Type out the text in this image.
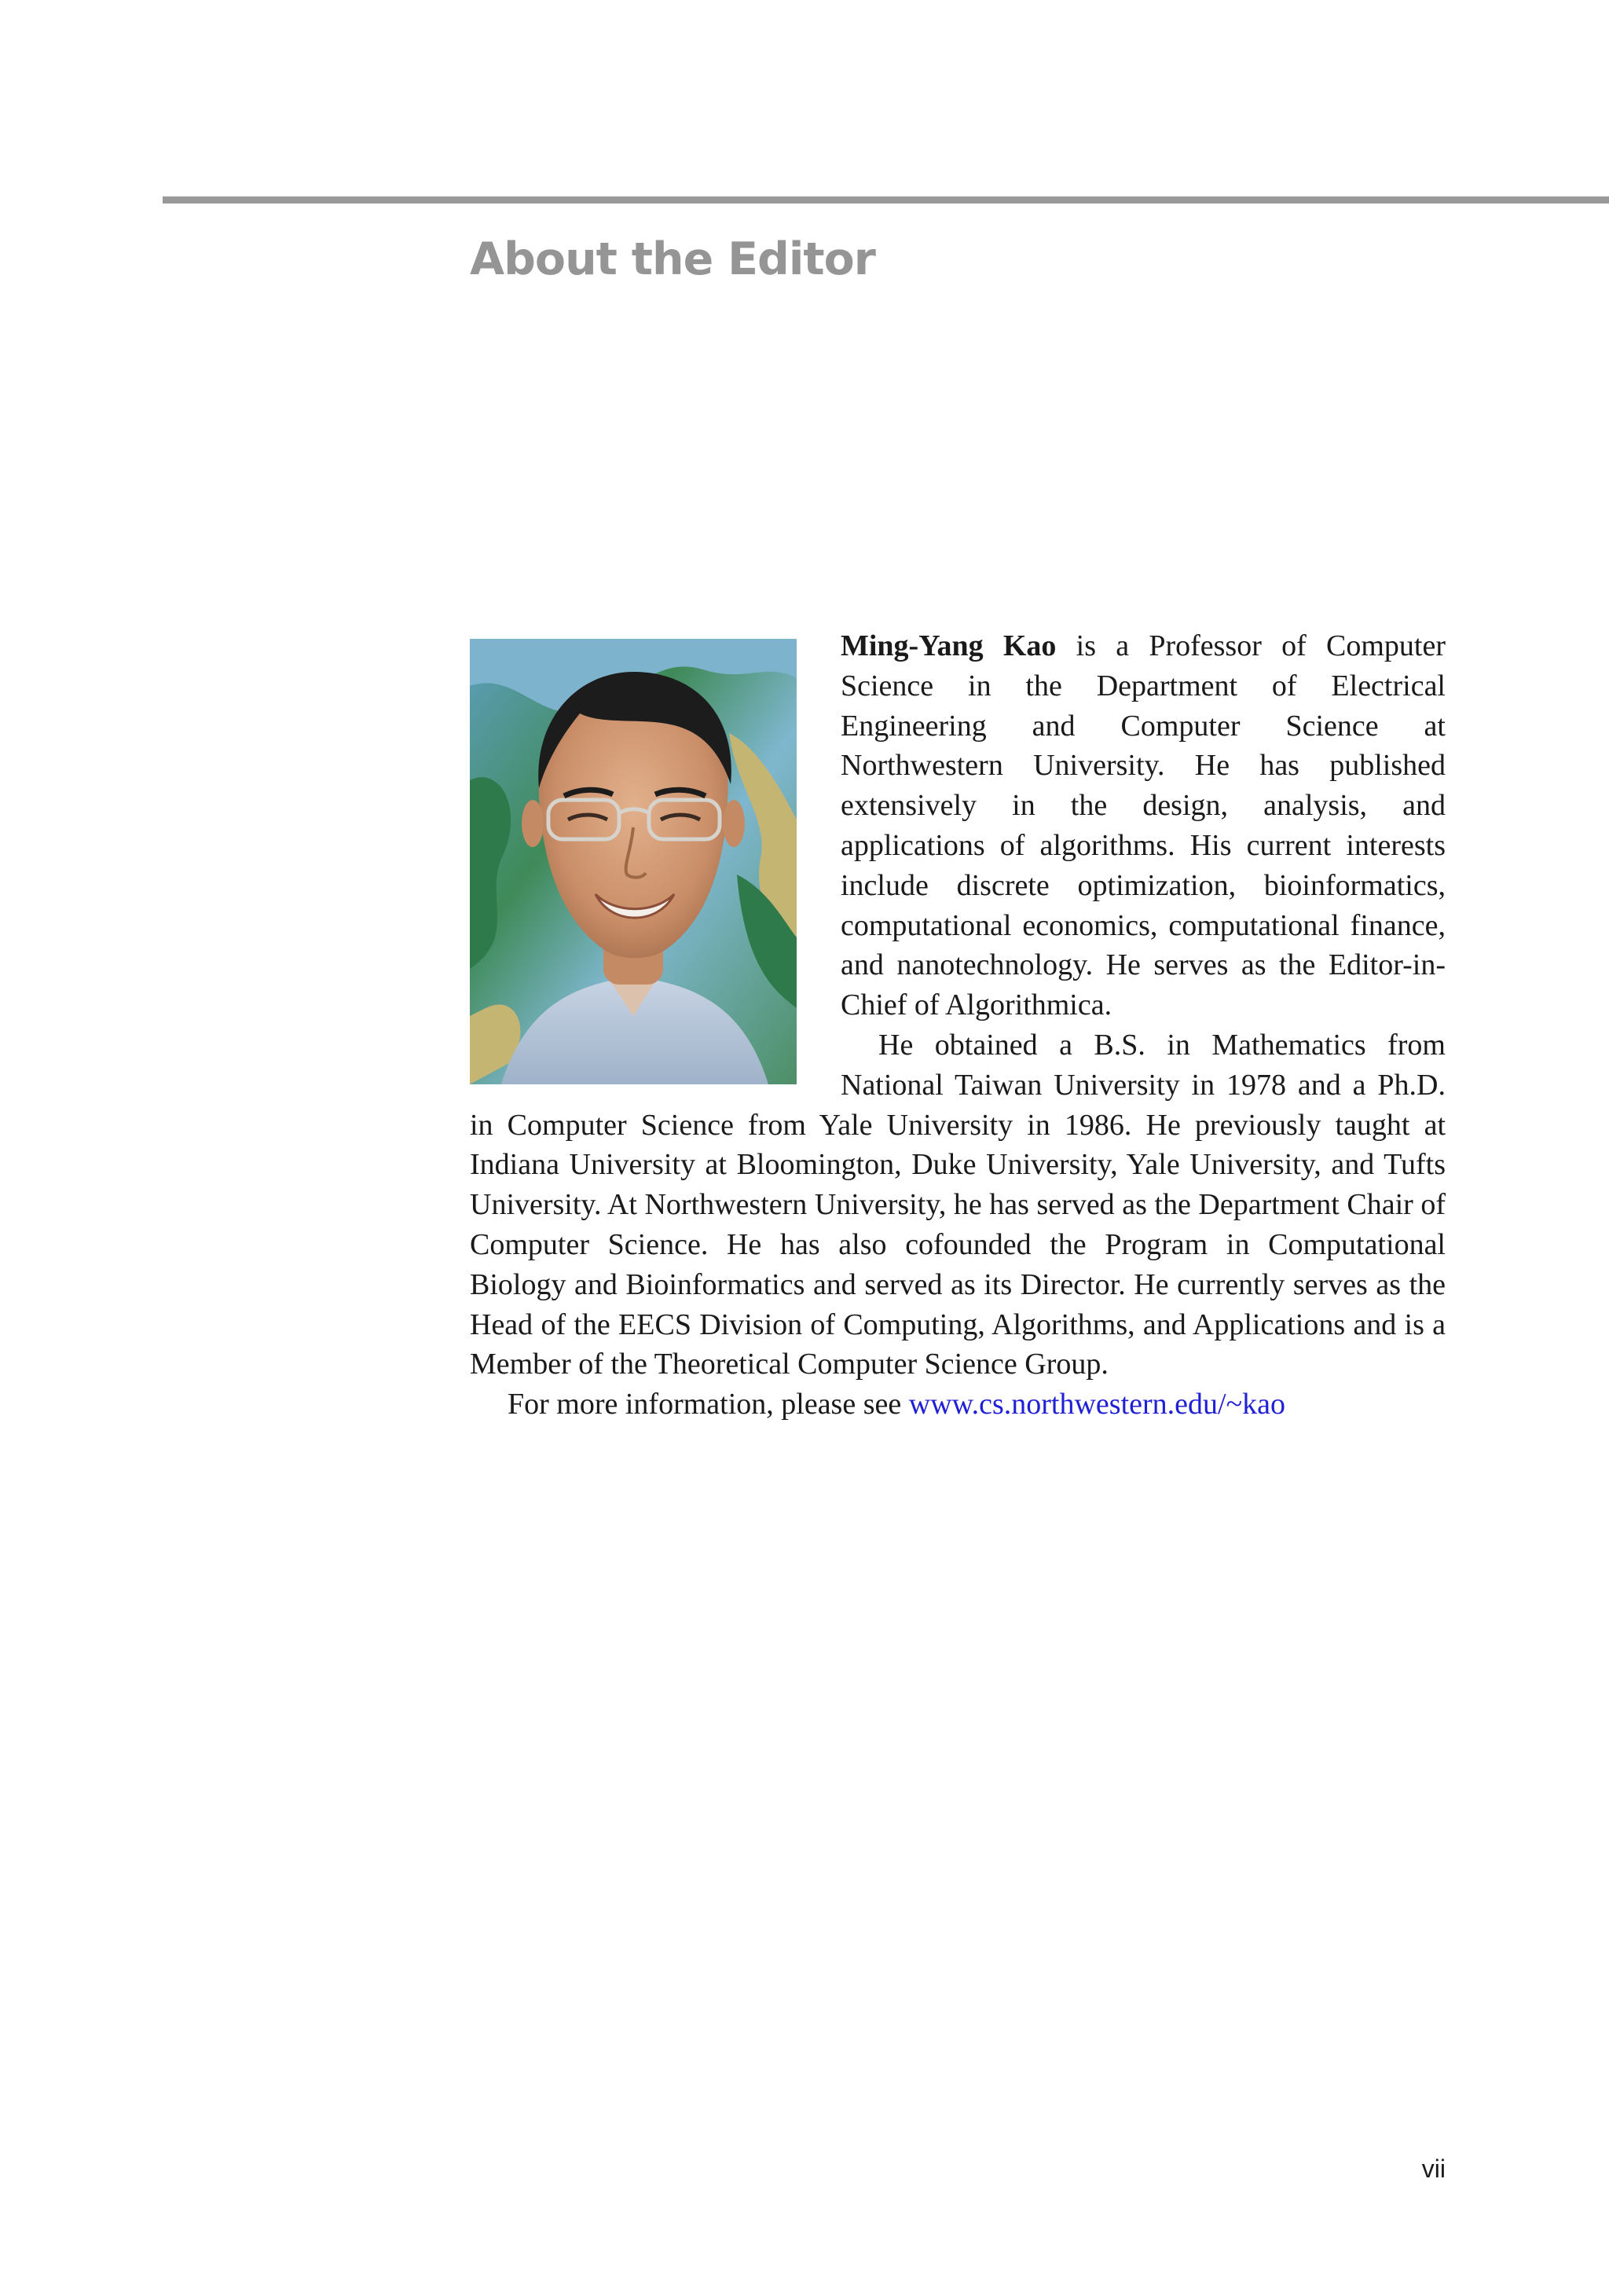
About the Editor

Ming-Yang Kao is a Professor of Computer Science in the Department of Electrical Engineering and Computer Science at Northwestern University. He has published extensively in the design, analysis, and applications of algorithms. His current interests include discrete optimization, bioinformatics, computational economics, computational finance, and nanotechnology. He serves as the Editor-in-Chief of Algorithmica.

He obtained a B.S. in Mathematics from National Taiwan University in 1978 and a Ph.D. in Computer Science from Yale University in 1986. He previously taught at Indiana University at Bloomington, Duke University, Yale University, and Tufts University. At Northwestern University, he has served as the Department Chair of Computer Science. He has also cofounded the Program in Computational Biology and Bioinformatics and served as its Director. He currently serves as the Head of the EECS Division of Computing, Algorithms, and Applications and is a Member of the Theoretical Computer Science Group.

For more information, please see www.cs.northwestern.edu/~kao

vii
